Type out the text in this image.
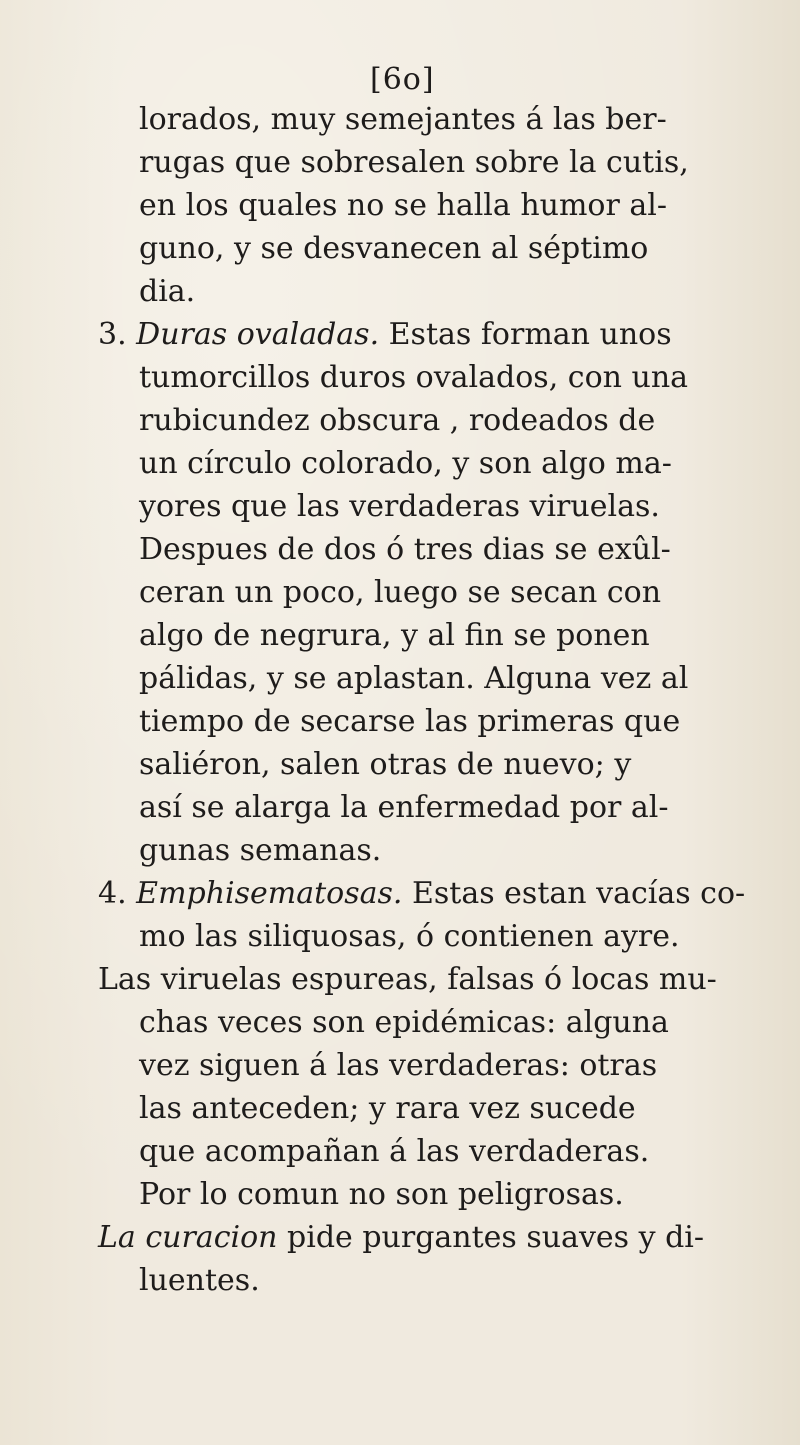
[6o]
lorados, muy semejantes á las ber-
rugas que sobresalen sobre la cutis,
en los quales no se halla humor al-
guno, y se desvanecen al séptimo
dia.
3. Duras ovaladas. Estas forman unos
tumorcillos duros ovalados, con una
rubicundez obscura , rodeados de
un círculo colorado, y son algo ma-
yores que las verdaderas viruelas.
Despues de dos ó tres dias se exûl-
ceran un poco, luego se secan con
algo de negrura, y al fin se ponen
pálidas, y se aplastan. Alguna vez al
tiempo de secarse las primeras que
saliéron, salen otras de nuevo; y
así se alarga la enfermedad por al-
gunas semanas.
4. Emphisematosas. Estas estan vacías co-
mo las siliquosas, ó contienen ayre.
Las viruelas espureas, falsas ó locas mu-
chas veces son epidémicas: alguna
vez siguen á las verdaderas: otras
las anteceden; y rara vez sucede
que acompañan á las verdaderas.
Por lo comun no son peligrosas.
La curacion pide purgantes suaves y di-
luentes.
